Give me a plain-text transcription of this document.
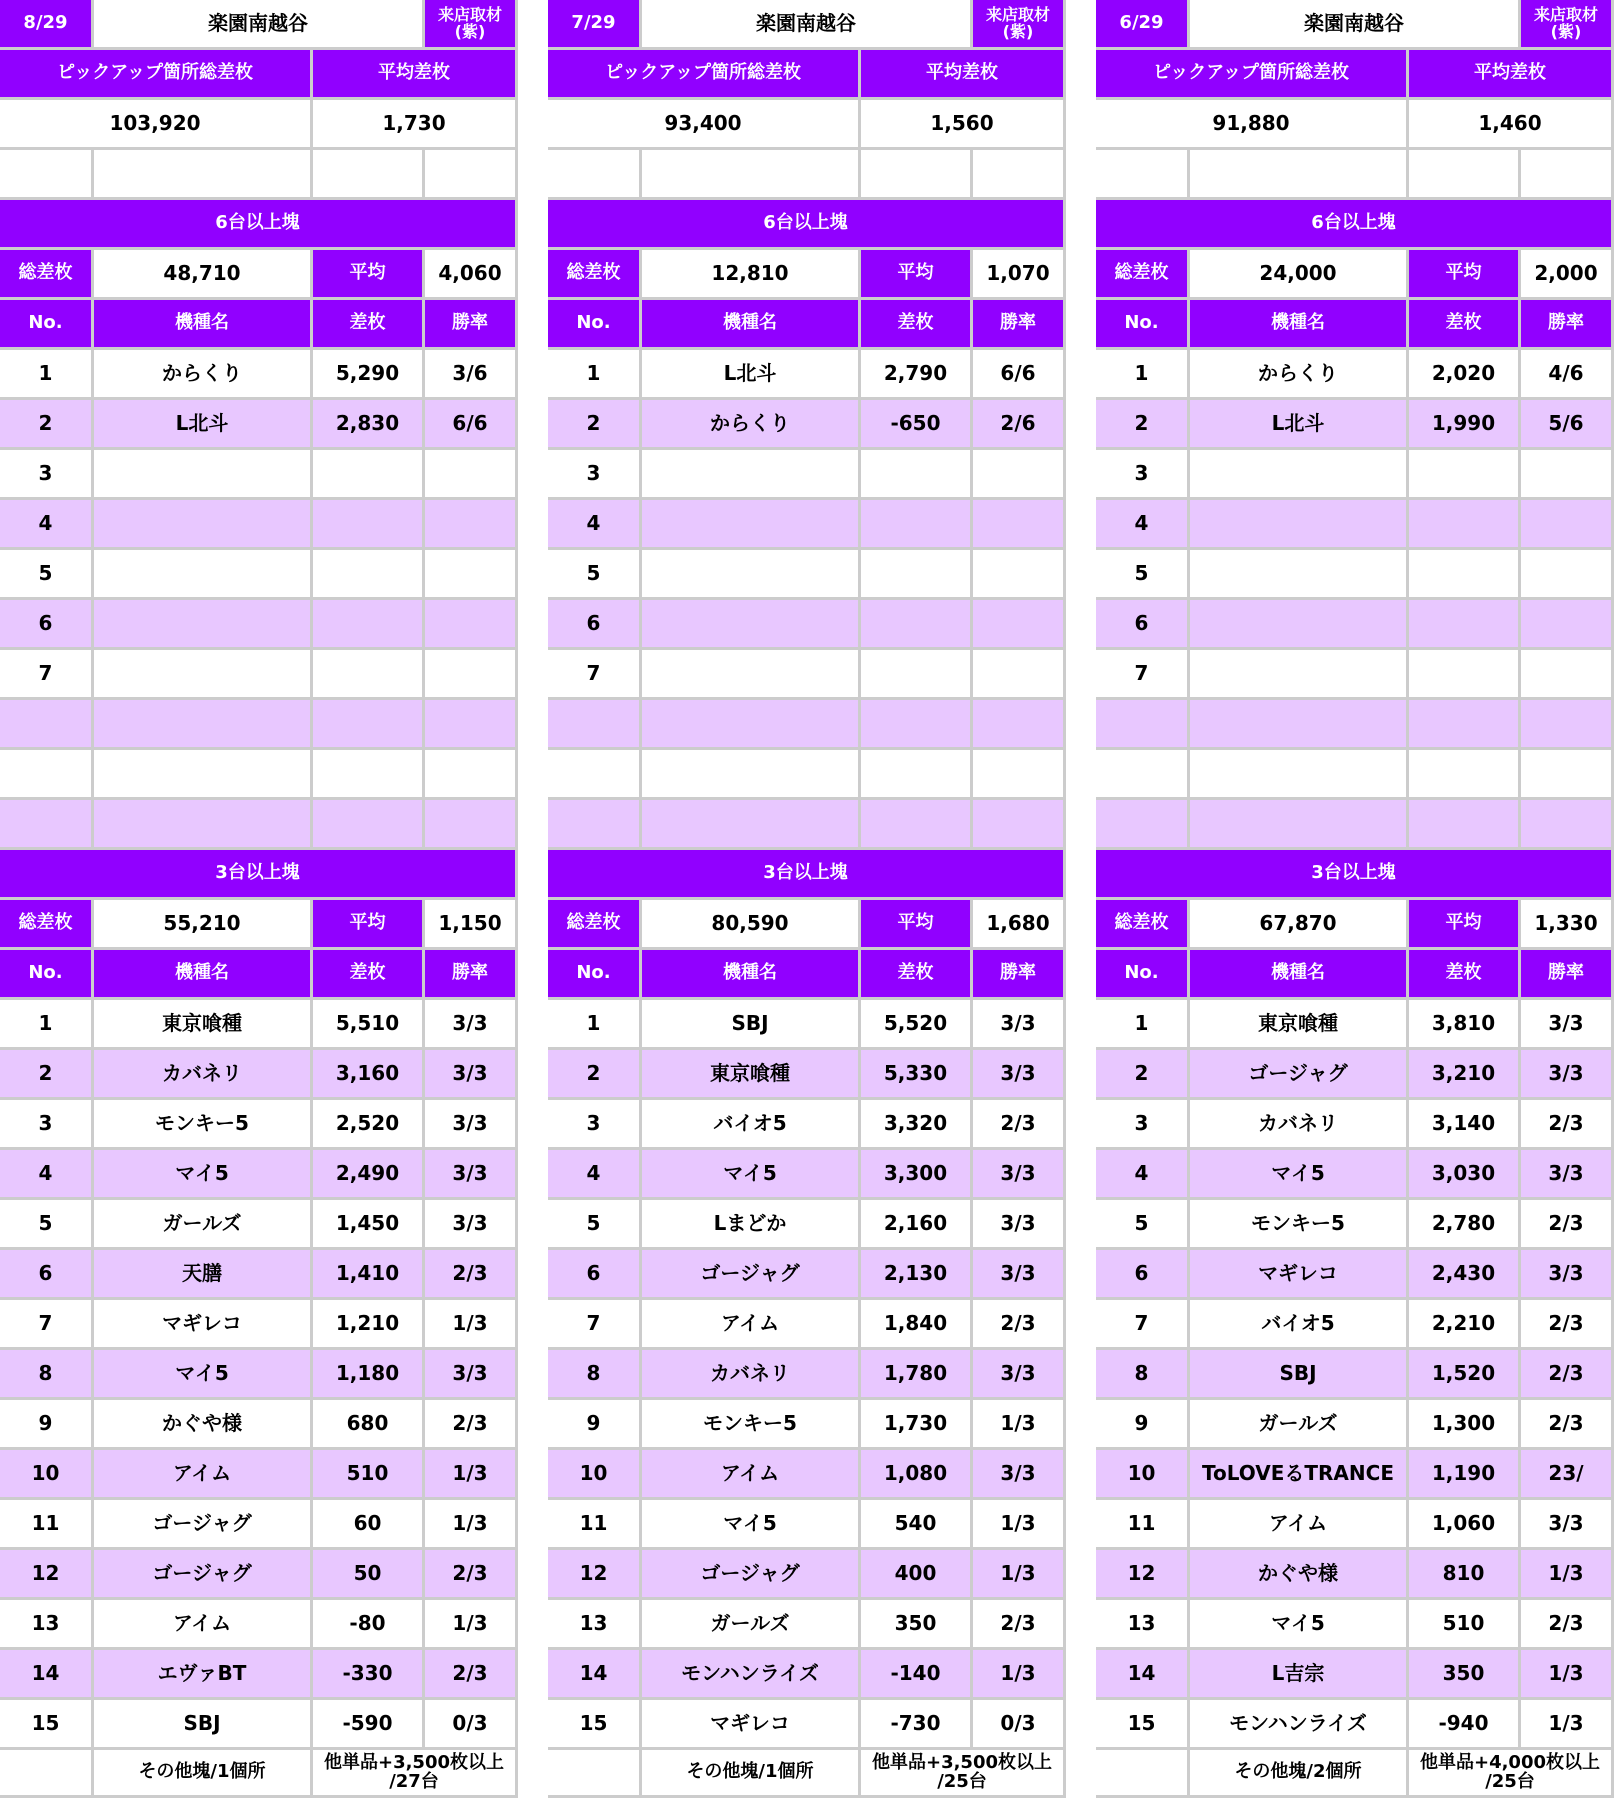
8/29	楽園南越谷	来店取材
(紫)
ピックアップ箇所総差枚	平均差枚
103,920	1,730
6台以上塊
総差枚	48,710	平均	4,060
No.	機種名	差枚	勝率
1	からくり	5,290	3/6
2	L北斗	2,830	6/6
3
4
5
6
7
3台以上塊
総差枚	55,210	平均	1,150
No.	機種名	差枚	勝率
1	東京喰種	5,510	3/3
2	カバネリ	3,160	3/3
3	モンキー5	2,520	3/3
4	マイ5	2,490	3/3
5	ガールズ	1,450	3/3
6	天膳	1,410	2/3
7	マギレコ	1,210	1/3
8	マイ5	1,180	3/3
9	かぐや様	680	2/3
10	アイム	510	1/3
11	ゴージャグ	60	1/3
12	ゴージャグ	50	2/3
13	アイム	-80	1/3
14	エヴァBT	-330	2/3
15	SBJ	-590	0/3
その他塊/1個所	他単品+3,500枚以上
/27台
7/29	楽園南越谷	来店取材
(紫)
ピックアップ箇所総差枚	平均差枚
93,400	1,560
6台以上塊
総差枚	12,810	平均	1,070
No.	機種名	差枚	勝率
1	L北斗	2,790	6/6
2	からくり	-650	2/6
3
4
5
6
7
3台以上塊
総差枚	80,590	平均	1,680
No.	機種名	差枚	勝率
1	SBJ	5,520	3/3
2	東京喰種	5,330	3/3
3	バイオ5	3,320	2/3
4	マイ5	3,300	3/3
5	Lまどか	2,160	3/3
6	ゴージャグ	2,130	3/3
7	アイム	1,840	2/3
8	カバネリ	1,780	3/3
9	モンキー5	1,730	1/3
10	アイム	1,080	3/3
11	マイ5	540	1/3
12	ゴージャグ	400	1/3
13	ガールズ	350	2/3
14	モンハンライズ	-140	1/3
15	マギレコ	-730	0/3
その他塊/1個所	他単品+3,500枚以上
/25台
6/29	楽園南越谷	来店取材
(紫)
ピックアップ箇所総差枚	平均差枚
91,880	1,460
6台以上塊
総差枚	24,000	平均	2,000
No.	機種名	差枚	勝率
1	からくり	2,020	4/6
2	L北斗	1,990	5/6
3
4
5
6
7
3台以上塊
総差枚	67,870	平均	1,330
No.	機種名	差枚	勝率
1	東京喰種	3,810	3/3
2	ゴージャグ	3,210	3/3
3	カバネリ	3,140	2/3
4	マイ5	3,030	3/3
5	モンキー5	2,780	2/3
6	マギレコ	2,430	3/3
7	バイオ5	2,210	2/3
8	SBJ	1,520	2/3
9	ガールズ	1,300	2/3
10	ToLOVEるTRANCE	1,190	23/
11	アイム	1,060	3/3
12	かぐや様	810	1/3
13	マイ5	510	2/3
14	L吉宗	350	1/3
15	モンハンライズ	-940	1/3
その他塊/2個所	他単品+4,000枚以上
/25台
